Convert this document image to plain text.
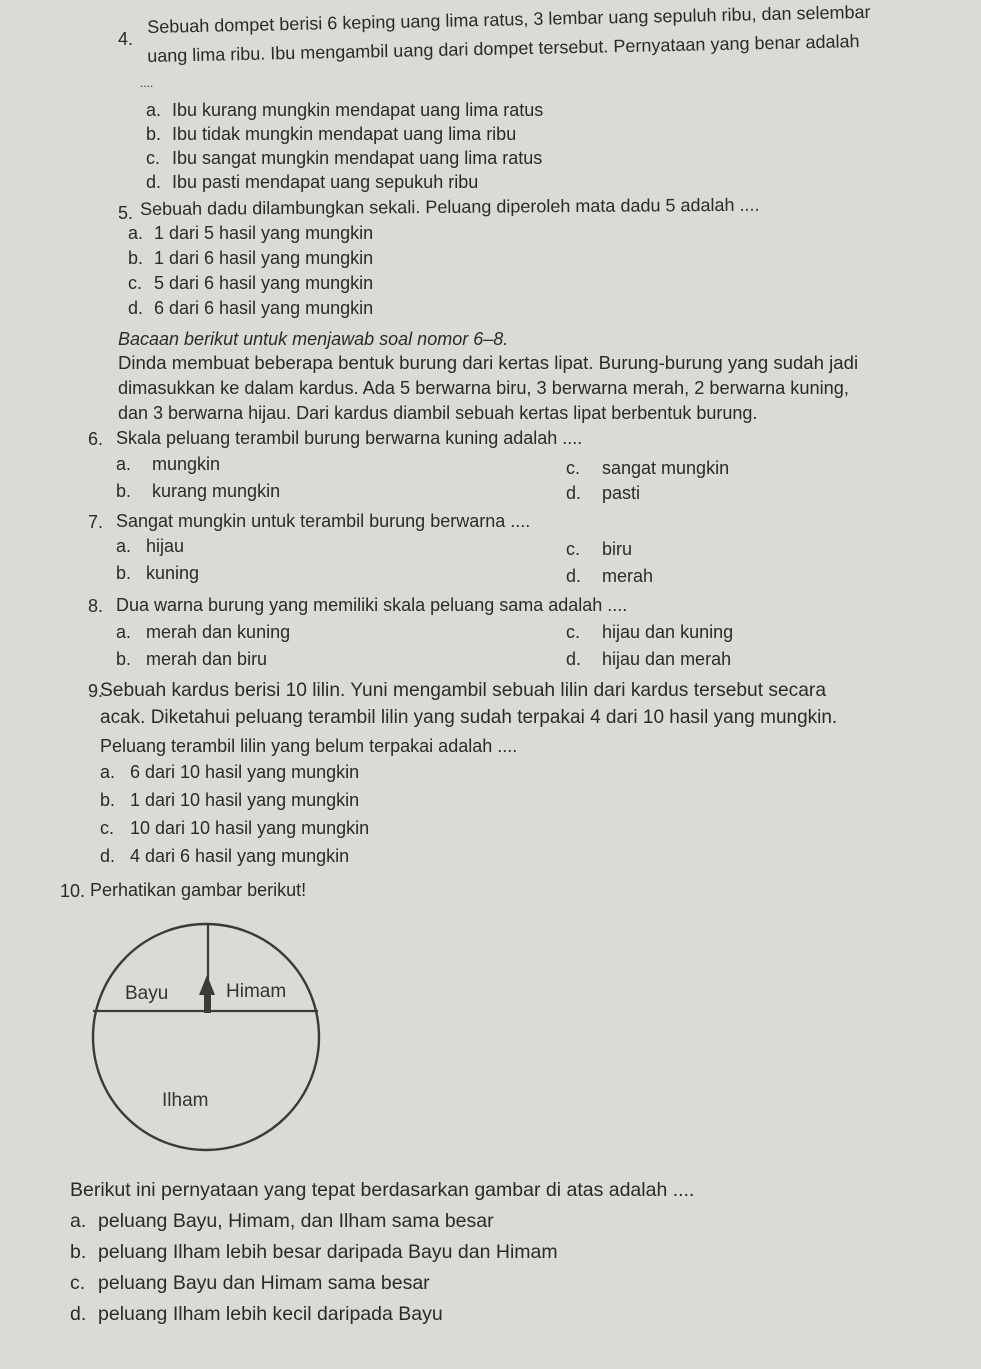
4.
Sebuah dompet berisi 6 keping uang lima ratus, 3 lembar uang sepuluh ribu, dan selembar
uang lima ribu. Ibu mengambil uang dari dompet tersebut. Pernyataan yang benar adalah
....
a. Ibu kurang mungkin mendapat uang lima ratus
b. Ibu tidak mungkin mendapat uang lima ribu
c. Ibu sangat mungkin mendapat uang lima ratus
d. Ibu pasti mendapat uang sepukuh ribu
5. Sebuah dadu dilambungkan sekali. Peluang diperoleh mata dadu 5 adalah ....
a. 1 dari 5 hasil yang mungkin
b. 1 dari 6 hasil yang mungkin
c. 5 dari 6 hasil yang mungkin
d. 6 dari 6 hasil yang mungkin
Bacaan berikut untuk menjawab soal nomor 6–8.
Dinda membuat beberapa bentuk burung dari kertas lipat. Burung-burung yang sudah jadi
dimasukkan ke dalam kardus. Ada 5 berwarna biru, 3 berwarna merah, 2 berwarna kuning,
dan 3 berwarna hijau. Dari kardus diambil sebuah kertas lipat berbentuk burung.
6. Skala peluang terambil burung berwarna kuning adalah ....
a. mungkin
b. kurang mungkin
c. sangat mungkin
d. pasti
7. Sangat mungkin untuk terambil burung berwarna ....
a. hijau
b. kuning
c. biru
d. merah
8. Dua warna burung yang memiliki skala peluang sama adalah ....
a. merah dan kuning
b. merah dan biru
c. hijau dan kuning
d. hijau dan merah
9.
Sebuah kardus berisi 10 lilin. Yuni mengambil sebuah lilin dari kardus tersebut secara
acak. Diketahui peluang terambil lilin yang sudah terpakai 4 dari 10 hasil yang mungkin.
Peluang terambil lilin yang belum terpakai adalah ....
a. 6 dari 10 hasil yang mungkin
b. 1 dari 10 hasil yang mungkin
c. 10 dari 10 hasil yang mungkin
d. 4 dari 6 hasil yang mungkin
10. Perhatikan gambar berikut!
Bayu	Himam
Ilham
Berikut ini pernyataan yang tepat berdasarkan gambar di atas adalah ....
a. peluang Bayu, Himam, dan Ilham sama besar
b. peluang Ilham lebih besar daripada Bayu dan Himam
c. peluang Bayu dan Himam sama besar
d. peluang Ilham lebih kecil daripada Bayu
